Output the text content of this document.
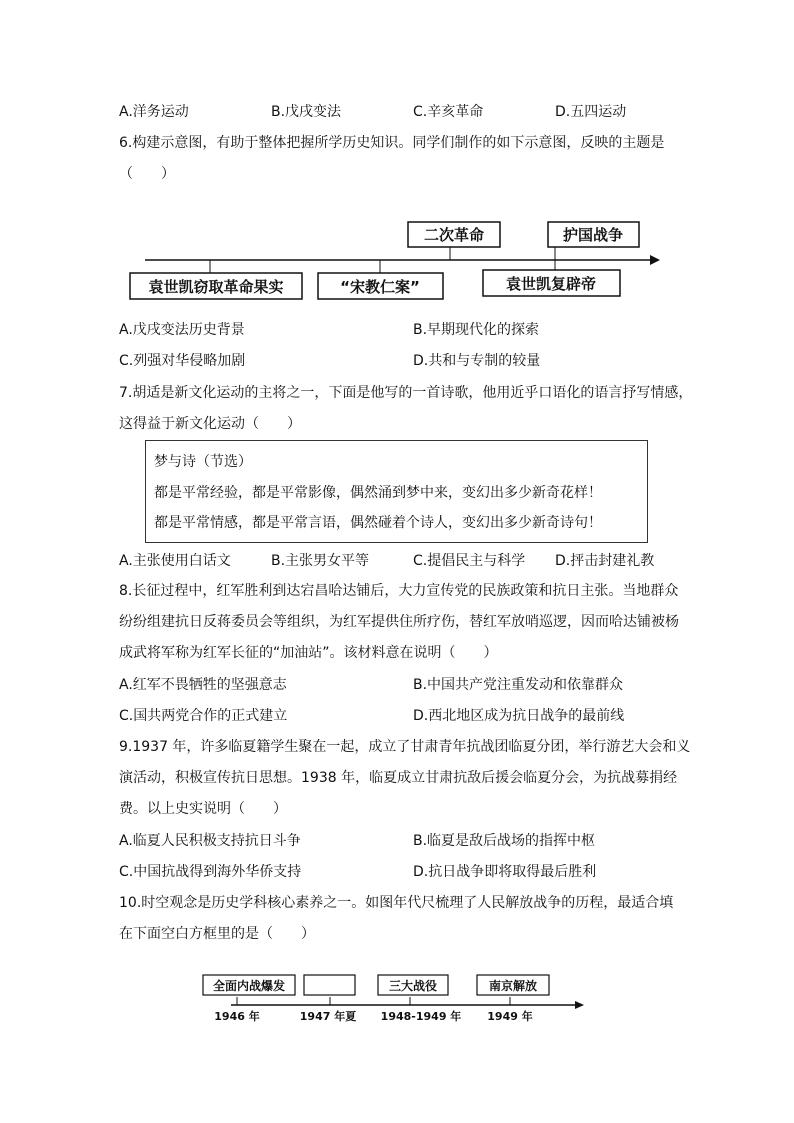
A.洋务运动	B.戊戌变法	C.辛亥革命	D.五四运动
6.构建示意图，有助于整体把握所学历史知识。同学们制作的如下示意图，反映的主题是
（　　）
二次革命	护国战争
袁世凯窃取革命果实	“宋教仁案”	袁世凯复辟帝
A.戊戌变法历史背景	B.早期现代化的探索
C.列强对华侵略加剧	D.共和与专制的较量
7.胡适是新文化运动的主将之一，下面是他写的一首诗歌，他用近乎口语化的语言抒写情感，
这得益于新文化运动（　　）
梦与诗（节选）
都是平常经验，都是平常影像，偶然涌到梦中来，变幻出多少新奇花样！
都是平常情感，都是平常言语，偶然碰着个诗人，变幻出多少新奇诗句！
A.主张使用白话文	B.主张男女平等	C.提倡民主与科学 D.抨击封建礼教
8.长征过程中，红军胜利到达宕昌哈达铺后，大力宣传党的民族政策和抗日主张。当地群众
纷纷组建抗日反蒋委员会等组织，为红军提供住所疗伤，替红军放哨巡逻，因而哈达铺被杨
成武将军称为红军长征的“加油站”。该材料意在说明（　　）
A.红军不畏牺牲的坚强意志	B.中国共产党注重发动和依靠群众
C.国共两党合作的正式建立	D.西北地区成为抗日战争的最前线
9.1937 年，许多临夏籍学生聚在一起，成立了甘肃青年抗战团临夏分团，举行游艺大会和义
演活动，积极宣传抗日思想。1938 年，临夏成立甘肃抗敌后援会临夏分会，为抗战募捐经
费。以上史实说明（　　）
A.临夏人民积极支持抗日斗争	B.临夏是敌后战场的指挥中枢
C.中国抗战得到海外华侨支持	D.抗日战争即将取得最后胜利
10.时空观念是历史学科核心素养之一。如图年代尺梳理了人民解放战争的历程，最适合填
在下面空白方框里的是（　　）
全面内战爆发	三大战役	南京解放
1946 年	1947 年夏 1948-1949 年 1949 年
